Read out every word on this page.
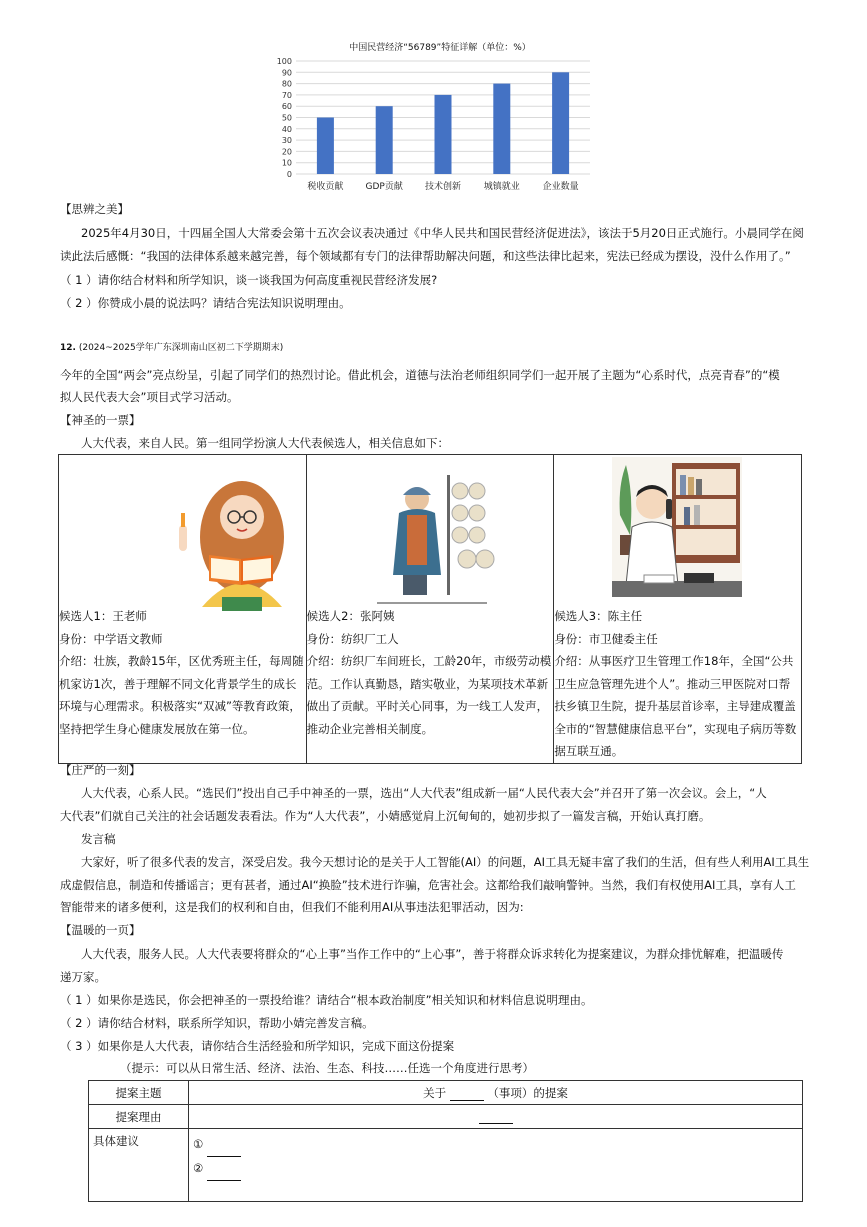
中国民营经济“56789”特征详解（单位：%）
0
10
20
30
40
50
60
70
80
90
100
税收贡献 GDP贡献 技术创新	城镇就业	企业数量
【思辨之美】
2025年4月30日，十四届全国人大常委会第十五次会议表决通过《中华人民共和国民营经济促进法》，该法于5月20日正式施行。小晨同学在阅
读此法后感慨：“我国的法律体系越来越完善，每个领域都有专门的法律帮助解决问题，和这些法律比起来，宪法已经成为摆设，没什么作用了。”
（ 1 ）请你结合材料和所学知识，谈一谈我国为何高度重视民营经济发展?
（ 2 ）你赞成小晨的说法吗？请结合宪法知识说明理由。
12. (2024~2025学年广东深圳南山区初二下学期期末)
今年的全国“两会”亮点纷呈，引起了同学们的热烈讨论。借此机会，道德与法治老师组织同学们一起开展了主题为“心系时代，点亮青春”的“模
拟人民代表大会”项目式学习活动。
【神圣的一票】
人大代表，来自人民。第一组同学扮演人大代表候选人，相关信息如下：
候选人1：王老师
身份：中学语文教师
介绍：壮族，教龄15年，区优秀班主任，每周随机家访1次，善于理解不同文化背景学生的成长环境与心理需求。积极落实“双减”等教育政策，坚持把学生身心健康发展放在第一位。

候选人2：张阿姨
身份：纺织厂工人
介绍：纺织厂车间班长，工龄20年，市级劳动模范。工作认真勤恳，踏实敬业，为某项技术革新做出了贡献。平时关心同事，为一线工人发声，推动企业完善相关制度。

候选人3：陈主任
身份：市卫健委主任
介绍：从事医疗卫生管理工作18年，全国“公共卫生应急管理先进个人”。推动三甲医院对口帮扶乡镇卫生院，提升基层首诊率，主导建成覆盖全市的“智慧健康信息平台”，实现电子病历等数据互联互通。
【庄严的一刻】
人大代表，心系人民。“选民们”投出自己手中神圣的一票，选出“人大代表”组成新一届“人民代表大会”并召开了第一次会议。会上，“人
大代表”们就自己关注的社会话题发表看法。作为“人大代表”，小婧感觉肩上沉甸甸的，她初步拟了一篇发言稿，开始认真打磨。
发言稿
大家好，听了很多代表的发言，深受启发。我今天想讨论的是关于人工智能(AI）的问题，AI工具无疑丰富了我们的生活，但有些人利用AI工具生
成虚假信息，制造和传播谣言；更有甚者，通过AI“换脸”技术进行诈骗，危害社会。这都给我们敲响警钟。当然，我们有权使用AI工具，享有人工
智能带来的诸多便利，这是我们的权利和自由，但我们不能利用AI从事违法犯罪活动，因为:
【温暖的一页】
人大代表，服务人民。人大代表要将群众的“心上事”当作工作中的“上心事”，善于将群众诉求转化为提案建议，为群众排忧解难，把温暖传
递万家。
（ 1 ）如果你是选民，你会把神圣的一票投给谁？请结合“根本政治制度”相关知识和材料信息说明理由。
（ 2 ）请你结合材料，联系所学知识，帮助小婧完善发言稿。
（ 3 ）如果你是人大代表，请你结合生活经验和所学知识，完成下面这份提案
（提示：可以从日常生活、经济、法治、生态、科技……任选一个角度进行思考）
提案主题	关于 （事项）的提案
提案理由	
具体建议	①
②
